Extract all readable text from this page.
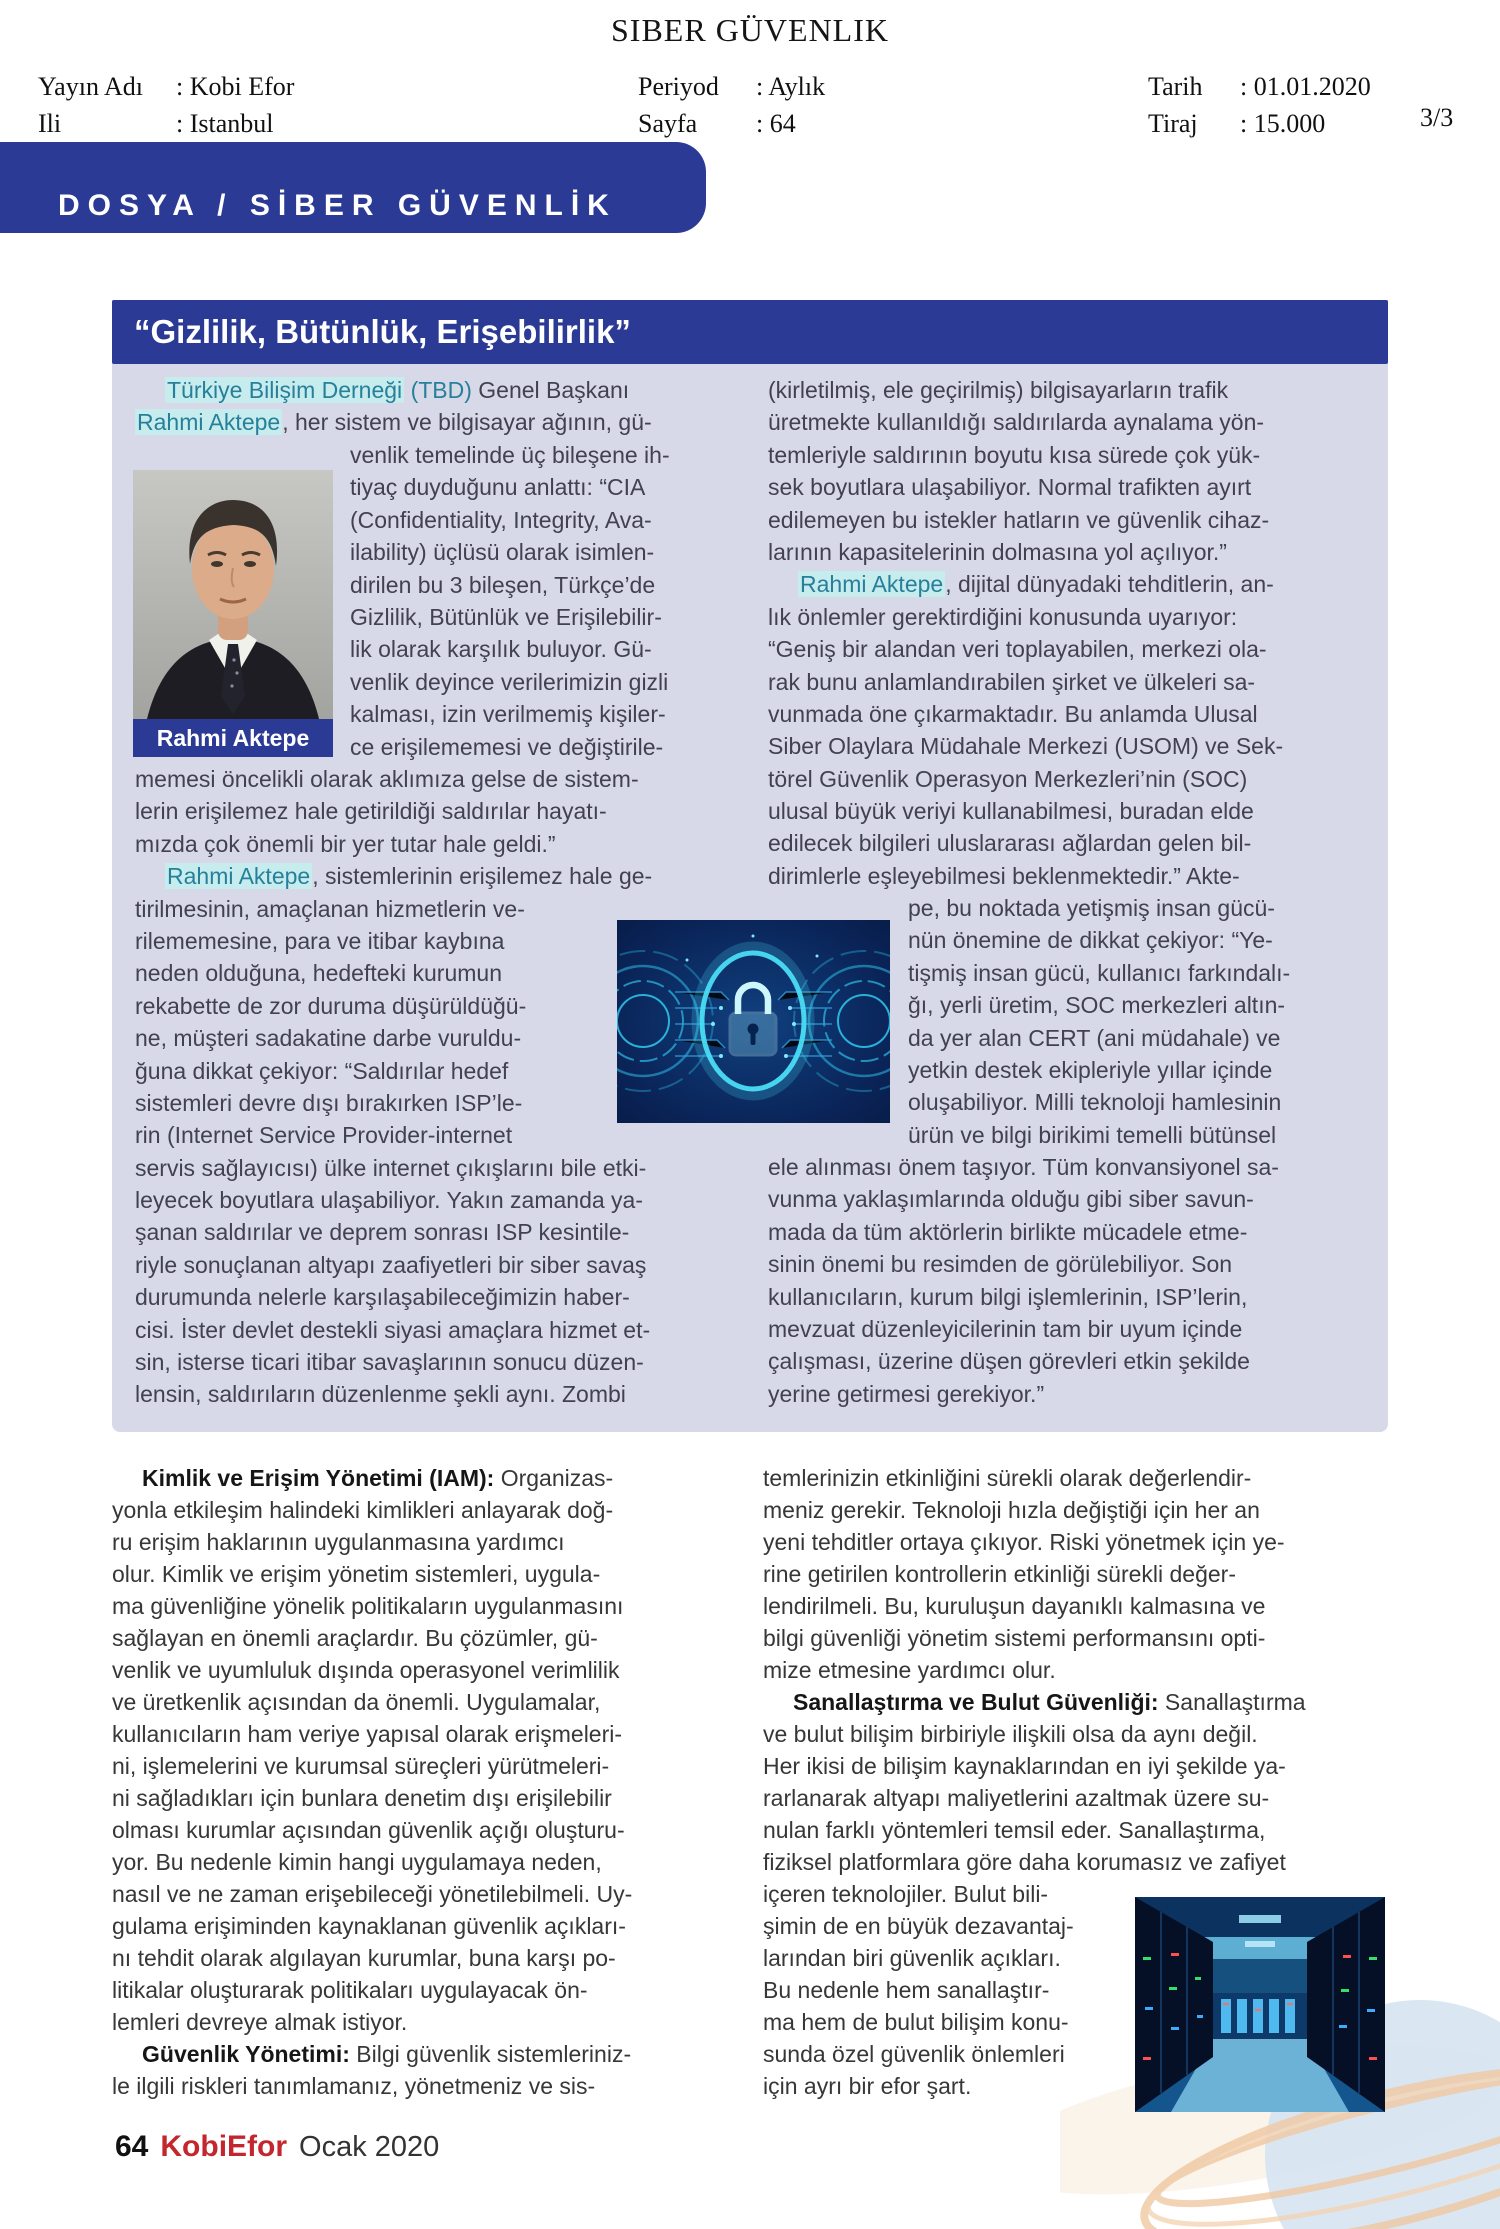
SIBER GÜVENLIK
Yayın Adı : Kobi Efor
Ili	: Istanbul
Periyod : Aylık
Sayfa : 64
Tarih : 01.01.2020
Tiraj : 15.000	3/3
DOSYA / SİBER GÜVENLİK
“Gizlilik, Bütünlük, Erişebilirlik”
Türkiye Bilişim Derneği (TBD) Genel Başkanı
Rahmi Aktepe, her sistem ve bilgisayar ağının, gü-
venlik temelinde üç bileşene ih-
tiyaç duyduğunu anlattı: “CIA
(Confidentiality, Integrity, Ava-
ilability) üçlüsü olarak isimlen-
dirilen bu 3 bileşen, Türkçe’de
Gizlilik, Bütünlük ve Erişilebilir-
lik olarak karşılık buluyor. Gü-
venlik deyince verilerimizin gizli
kalması, izin verilmemiş kişiler-
ce erişilememesi ve değiştirile-
memesi öncelikli olarak aklımıza gelse de sistem-
lerin erişilemez hale getirildiği saldırılar hayatı-
mızda çok önemli bir yer tutar hale geldi.”
Rahmi Aktepe, sistemlerinin erişilemez hale ge-
tirilmesinin, amaçlanan hizmetlerin ve-
rilememesine, para ve itibar kaybına
neden olduğuna, hedefteki kurumun
rekabette de zor duruma düşürüldüğü-
ne, müşteri sadakatine darbe vuruldu-
ğuna dikkat çekiyor: “Saldırılar hedef
sistemleri devre dışı bırakırken ISP’le-
rin (Internet Service Provider-internet
servis sağlayıcısı) ülke internet çıkışlarını bile etki-
leyecek boyutlara ulaşabiliyor. Yakın zamanda ya-
şanan saldırılar ve deprem sonrası ISP kesintile-
riyle sonuçlanan altyapı zaafiyetleri bir siber savaş
durumunda nelerle karşılaşabileceğimizin haber-
cisi. İster devlet destekli siyasi amaçlara hizmet et-
sin, isterse ticari itibar savaşlarının sonucu düzen-
lensin, saldırıların düzenlenme şekli aynı. Zombi
(kirletilmiş, ele geçirilmiş) bilgisayarların trafik
üretmekte kullanıldığı saldırılarda aynalama yön-
temleriyle saldırının boyutu kısa sürede çok yük-
sek boyutlara ulaşabiliyor. Normal trafikten ayırt
edilemeyen bu istekler hatların ve güvenlik cihaz-
larının kapasitelerinin dolmasına yol açılıyor.”
Rahmi Aktepe, dijital dünyadaki tehditlerin, an-
lık önlemler gerektirdiğini konusunda uyarıyor:
“Geniş bir alandan veri toplayabilen, merkezi ola-
rak bunu anlamlandırabilen şirket ve ülkeleri sa-
vunmada öne çıkarmaktadır. Bu anlamda Ulusal
Siber Olaylara Müdahale Merkezi (USOM) ve Sek-
törel Güvenlik Operasyon Merkezleri’nin (SOC)
ulusal büyük veriyi kullanabilmesi, buradan elde
edilecek bilgileri uluslararası ağlardan gelen bil-
dirimlerle eşleyebilmesi beklenmektedir.” Akte-
pe, bu noktada yetişmiş insan gücü-
nün önemine de dikkat çekiyor: “Ye-
tişmiş insan gücü, kullanıcı farkındalı-
ğı, yerli üretim, SOC merkezleri altın-
da yer alan CERT (ani müdahale) ve
yetkin destek ekipleriyle yıllar içinde
oluşabiliyor. Milli teknoloji hamlesinin
ürün ve bilgi birikimi temelli bütünsel
ele alınması önem taşıyor. Tüm konvansiyonel sa-
vunma yaklaşımlarında olduğu gibi siber savun-
mada da tüm aktörlerin birlikte mücadele etme-
sinin önemi bu resimden de görülebiliyor. Son
kullanıcıların, kurum bilgi işlemlerinin, ISP’lerin,
mevzuat düzenleyicilerinin tam bir uyum içinde
çalışması, üzerine düşen görevleri etkin şekilde
yerine getirmesi gerekiyor.”
Rahmi Aktepe
Kimlik ve Erişim Yönetimi (IAM): Organizas-
yonla etkileşim halindeki kimlikleri anlayarak doğ-
ru erişim haklarının uygulanmasına yardımcı
olur. Kimlik ve erişim yönetim sistemleri, uygula-
ma güvenliğine yönelik politikaların uygulanmasını
sağlayan en önemli araçlardır. Bu çözümler, gü-
venlik ve uyumluluk dışında operasyonel verimlilik
ve üretkenlik açısından da önemli. Uygulamalar,
kullanıcıların ham veriye yapısal olarak erişmeleri-
ni, işlemelerini ve kurumsal süreçleri yürütmeleri-
ni sağladıkları için bunlara denetim dışı erişilebilir
olması kurumlar açısından güvenlik açığı oluşturu-
yor. Bu nedenle kimin hangi uygulamaya neden,
nasıl ve ne zaman erişebileceği yönetilebilmeli. Uy-
gulama erişiminden kaynaklanan güvenlik açıkları-
nı tehdit olarak algılayan kurumlar, buna karşı po-
litikalar oluşturarak politikaları uygulayacak ön-
lemleri devreye almak istiyor.
Güvenlik Yönetimi: Bilgi güvenlik sistemleriniz-
le ilgili riskleri tanımlamanız, yönetmeniz ve sis-
temlerinizin etkinliğini sürekli olarak değerlendir-
meniz gerekir. Teknoloji hızla değiştiği için her an
yeni tehditler ortaya çıkıyor. Riski yönetmek için ye-
rine getirilen kontrollerin etkinliği sürekli değer-
lendirilmeli. Bu, kuruluşun dayanıklı kalmasına ve
bilgi güvenliği yönetim sistemi performansını opti-
mize etmesine yardımcı olur.
Sanallaştırma ve Bulut Güvenliği: Sanallaştırma
ve bulut bilişim birbiriyle ilişkili olsa da aynı değil.
Her ikisi de bilişim kaynaklarından en iyi şekilde ya-
rarlanarak altyapı maliyetlerini azaltmak üzere su-
nulan farklı yöntemleri temsil eder. Sanallaştırma,
fiziksel platformlara göre daha korumasız ve zafiyet
içeren teknolojiler. Bulut bili-
şimin de en büyük dezavantaj-
larından biri güvenlik açıkları.
Bu nedenle hem sanallaştır-
ma hem de bulut bilişim konu-
sunda özel güvenlik önlemleri
için ayrı bir efor şart.
64 KobiEfor Ocak 2020
